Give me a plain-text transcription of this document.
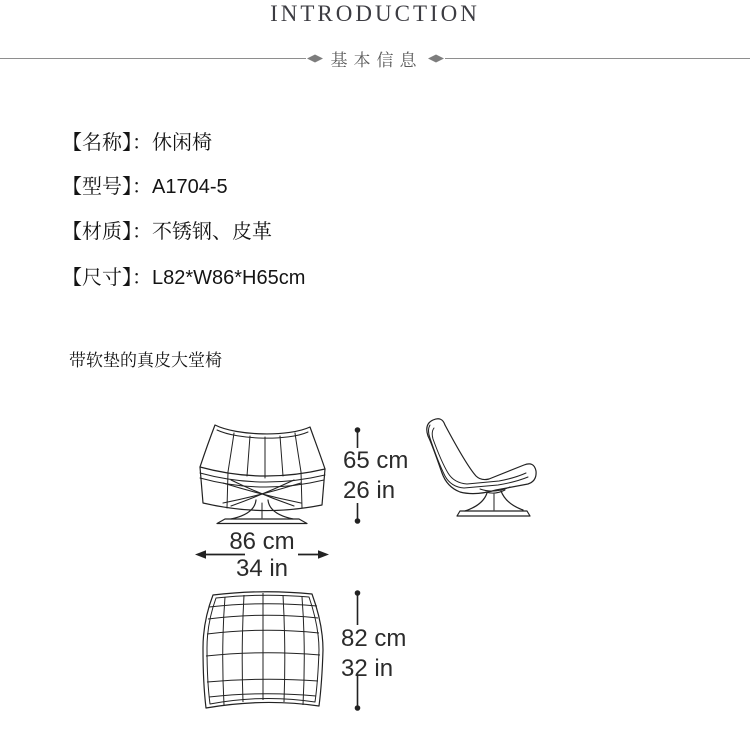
INTRODUCTION
基本信息
【名称】：休闲椅
【型号】：A1704-5
【材质】：不锈钢、皮革
【尺寸】：L82*W86*H65cm

带软垫的真皮大堂椅

65 cm
26 in
86 cm
34 in
82 cm
32 in
